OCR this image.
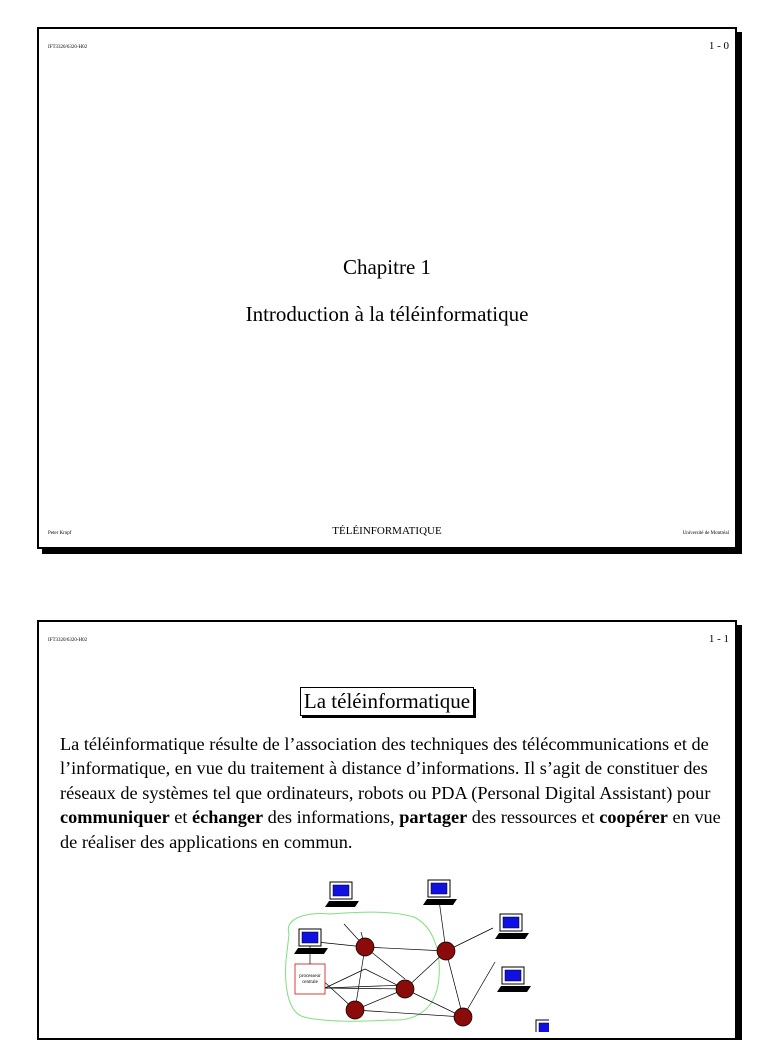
IFT3320/6320-H02	1 - 0
Chapitre 1
Introduction à la téléinformatique
Peter Kropf	TÉLÉINFORMATIQUE	Université de Montréal
IFT3320/6320-H02	1 - 1
La téléinformatique
La téléinformatique résulte de l’association des techniques des télécommunications et de l’informatique, en vue du traitement à distance d’informations. Il s’agit de constituer des réseaux de systèmes tel que ordinateurs, robots ou PDA (Personal Digital Assistant) pour communiquer et échanger des informations, partager des ressources et coopérer en vue de réaliser des applications en commun.
processeur
centrale
